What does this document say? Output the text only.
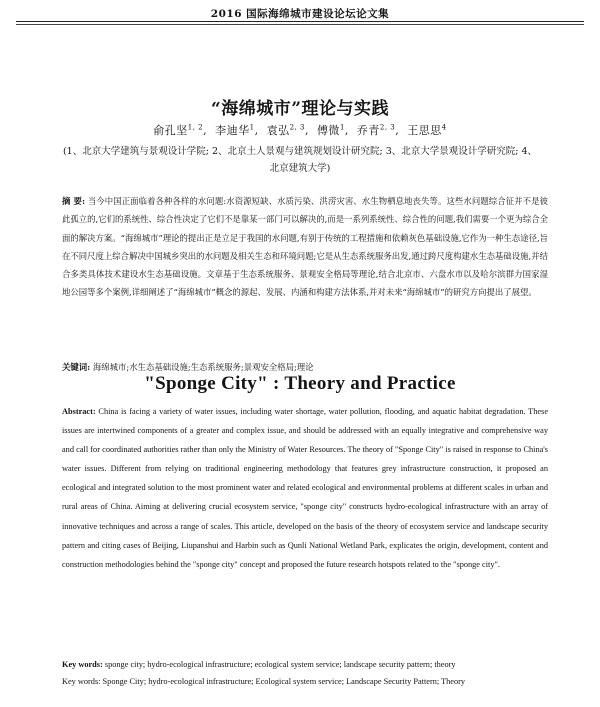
2016 国际海绵城市建设论坛论文集
“海绵城市”理论与实践
俞孔坚$^{1, 2}$,  李迪华$^1$,  袁弘$^{2, 3}$,  傅微$^1$,  乔青$^{2, 3}$,  王思思$^4$
(1、北京大学建筑与景观设计学院; 2、北京土人景观与建筑规划设计研究院; 3、北京大学景观设计学研究院; 4、北京建筑大学)
摘 要: 当今中国正面临着各种各样的水问题:水资源短缺、水质污染、洪涝灾害、水生物栖息地丧失等。这些水问题综合征并不是彼此孤立的,它们的系统性、综合性决定了它们不是靠某一部门可以解决的,而是一系列系统性、综合性的问题,我们需要一个更为综合全面的解决方案。“海绵城市”理论的提出正是立足于我国的水问题,有别于传统的工程措施和依赖灰色基础设施,它作为一种生态途径,旨在不同尺度上综合解决中国城乡突出的水问题及相关生态和环境问题;它是从生态系统服务出发,通过跨尺度构建水生态基础设施,并结合多类具体技术建设水生态基础设施。文章基于生态系统服务、景观安全格局等理论,结合北京市、六盘水市以及哈尔滨群力国家湿地公园等多个案例,详细阐述了“海绵城市”概念的源起、发展、内涵和构建方法体系,并对未来“海绵城市”的研究方向提出了展望。
关键词: 海绵城市;水生态基础设施;生态系统服务;景观安全格局;理论
"Sponge City" : Theory and Practice
Abstract: China is facing a variety of water issues, including water shortage, water pollution, flooding, and aquatic habitat degradation. These issues are intertwined components of a greater and complex issue, and should be addressed with an equally integrative and comprehensive way and call for coordinated authorities rather than only the Ministry of Water Resources. The theory of "Sponge City" is raised in response to China's water issues. Different from relying on traditional engineering methodology that features grey infrastructure construction, it proposed an ecological and integrated solution to the most prominent water and related ecological and environmental problems at different scales in urban and rural areas of China. Aiming at delivering crucial ecosystem service, "sponge city" constructs hydro-ecological infrastructure with an array of innovative techniques and across a range of scales. This article, developed on the basis of the theory of ecosystem service and landscape security pattern and citing cases of Beijing, Liupanshui and Harbin such as Qunli National Wetland Park, explicates the origin, development, content and construction methodologies behind the "sponge city" concept and proposed the future research hotspots related to the "sponge city".
Key words: sponge city; hydro-ecological infrastructure; ecological system service; landscape security pattern; theory
Key words: Sponge City; hydro-ecological infrastructure; Ecological system service; Landscape Security Pattern; Theory
